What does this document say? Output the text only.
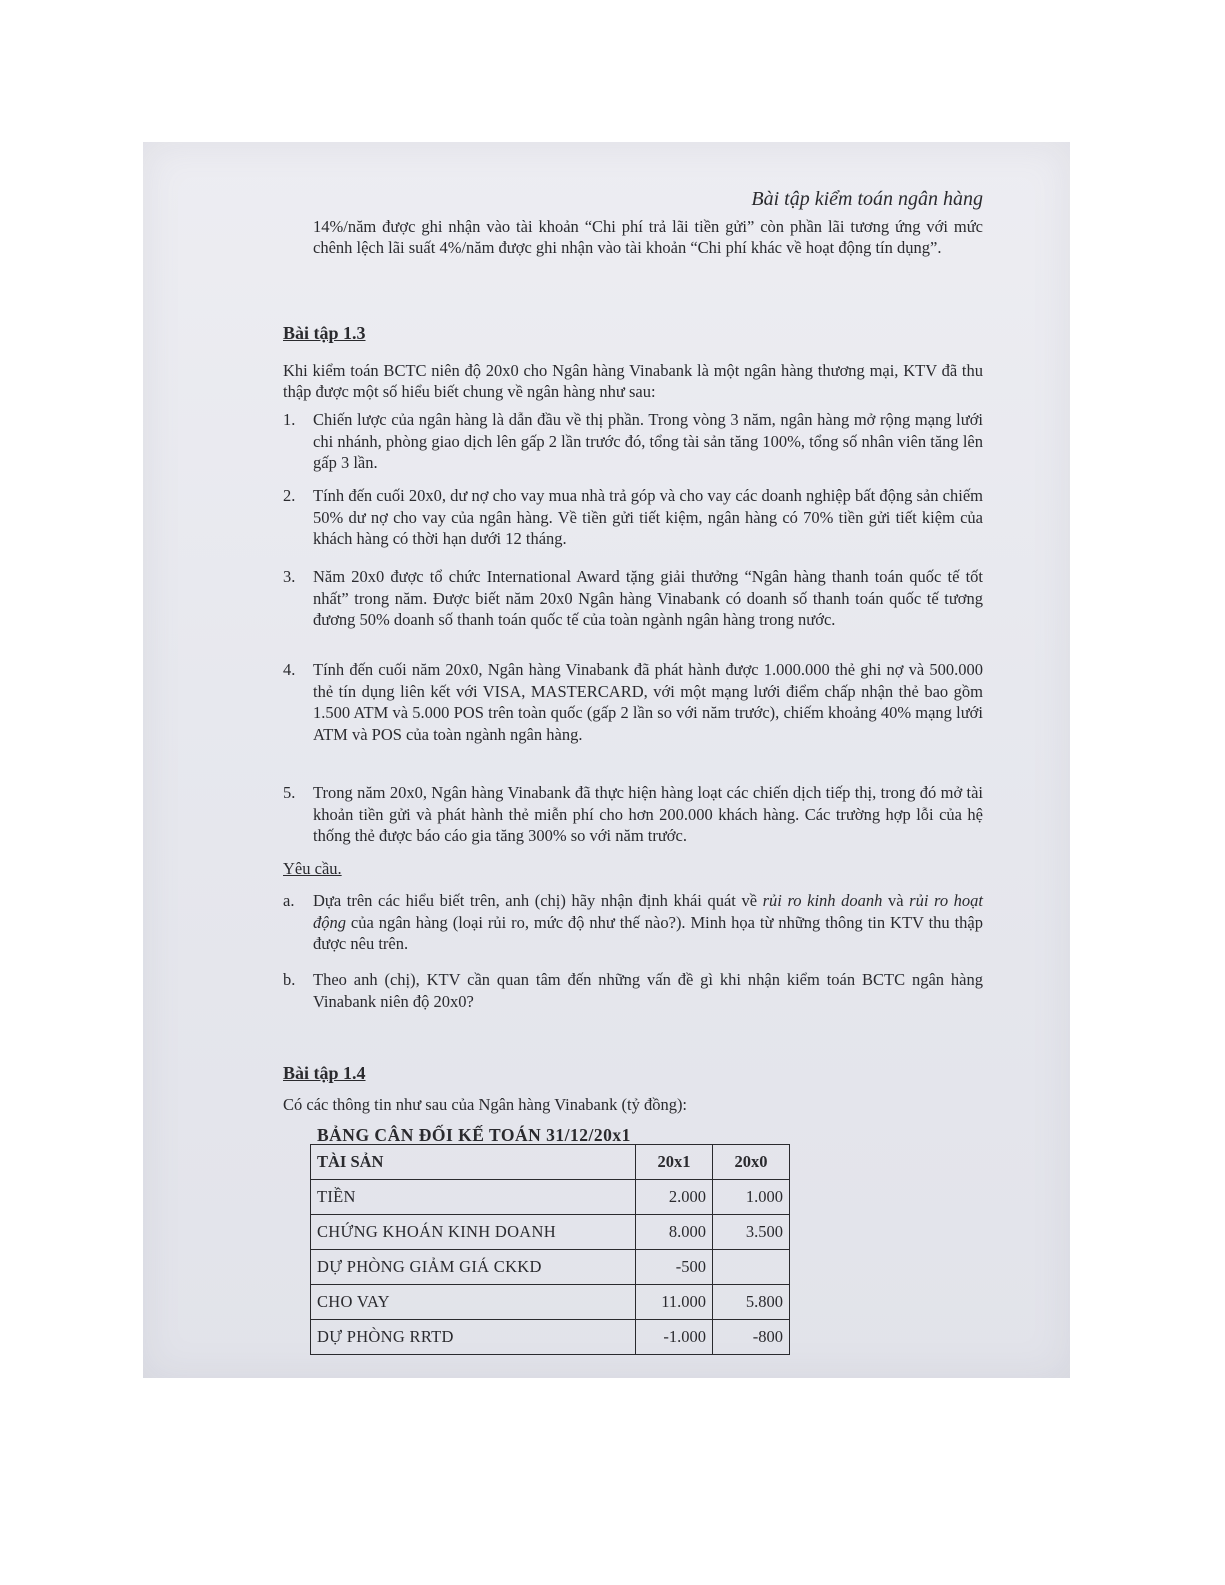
Bài tập kiểm toán ngân hàng

14%/năm được ghi nhận vào tài khoản “Chi phí trả lãi tiền gửi” còn phần lãi tương ứng với mức chênh lệch lãi suất 4%/năm được ghi nhận vào tài khoản “Chi phí khác về hoạt động tín dụng”.

Bài tập 1.3

Khi kiểm toán BCTC niên độ 20x0 cho Ngân hàng Vinabank là một ngân hàng thương mại, KTV đã thu thập được một số hiểu biết chung về ngân hàng như sau:

1.	Chiến lược của ngân hàng là dẫn đầu về thị phần. Trong vòng 3 năm, ngân hàng mở rộng mạng lưới chi nhánh, phòng giao dịch lên gấp 2 lần trước đó, tổng tài sản tăng 100%, tổng số nhân viên tăng lên gấp 3 lần.
2.	Tính đến cuối 20x0, dư nợ cho vay mua nhà trả góp và cho vay các doanh nghiệp bất động sản chiếm 50% dư nợ cho vay của ngân hàng. Về tiền gửi tiết kiệm, ngân hàng có 70% tiền gửi tiết kiệm của khách hàng có thời hạn dưới 12 tháng.
3.	Năm 20x0 được tổ chức International Award tặng giải thưởng “Ngân hàng thanh toán quốc tế tốt nhất” trong năm. Được biết năm 20x0 Ngân hàng Vinabank có doanh số thanh toán quốc tế tương đương 50% doanh số thanh toán quốc tế của toàn ngành ngân hàng trong nước.
4.	Tính đến cuối năm 20x0, Ngân hàng Vinabank đã phát hành được 1.000.000 thẻ ghi nợ và 500.000 thẻ tín dụng liên kết với VISA, MASTERCARD, với một mạng lưới điểm chấp nhận thẻ bao gồm 1.500 ATM và 5.000 POS trên toàn quốc (gấp 2 lần so với năm trước), chiếm khoảng 40% mạng lưới ATM và POS của toàn ngành ngân hàng.
5.	Trong năm 20x0, Ngân hàng Vinabank đã thực hiện hàng loạt các chiến dịch tiếp thị, trong đó mở tài khoản tiền gửi và phát hành thẻ miễn phí cho hơn 200.000 khách hàng. Các trường hợp lỗi của hệ thống thẻ được báo cáo gia tăng 300% so với năm trước.
Yêu cầu.
a.	Dựa trên các hiểu biết trên, anh (chị) hãy nhận định khái quát về rủi ro kinh doanh và rủi ro hoạt động của ngân hàng (loại rủi ro, mức độ như thế nào?). Minh họa từ những thông tin KTV thu thập được nêu trên.
b.	Theo anh (chị), KTV cần quan tâm đến những vấn đề gì khi nhận kiểm toán BCTC ngân hàng Vinabank niên độ 20x0?

Bài tập 1.4

Có các thông tin như sau của Ngân hàng Vinabank (tỷ đồng):

BẢNG CÂN ĐỐI KẾ TOÁN 31/12/20x1
TÀI SẢN	20x1	20x0
TIỀN	2.000	1.000
CHỨNG KHOÁN KINH DOANH	8.000	3.500
DỰ PHÒNG GIẢM GIÁ CKKD	-500	
CHO VAY	11.000	5.800
DỰ PHÒNG RRTD	-1.000	-800
